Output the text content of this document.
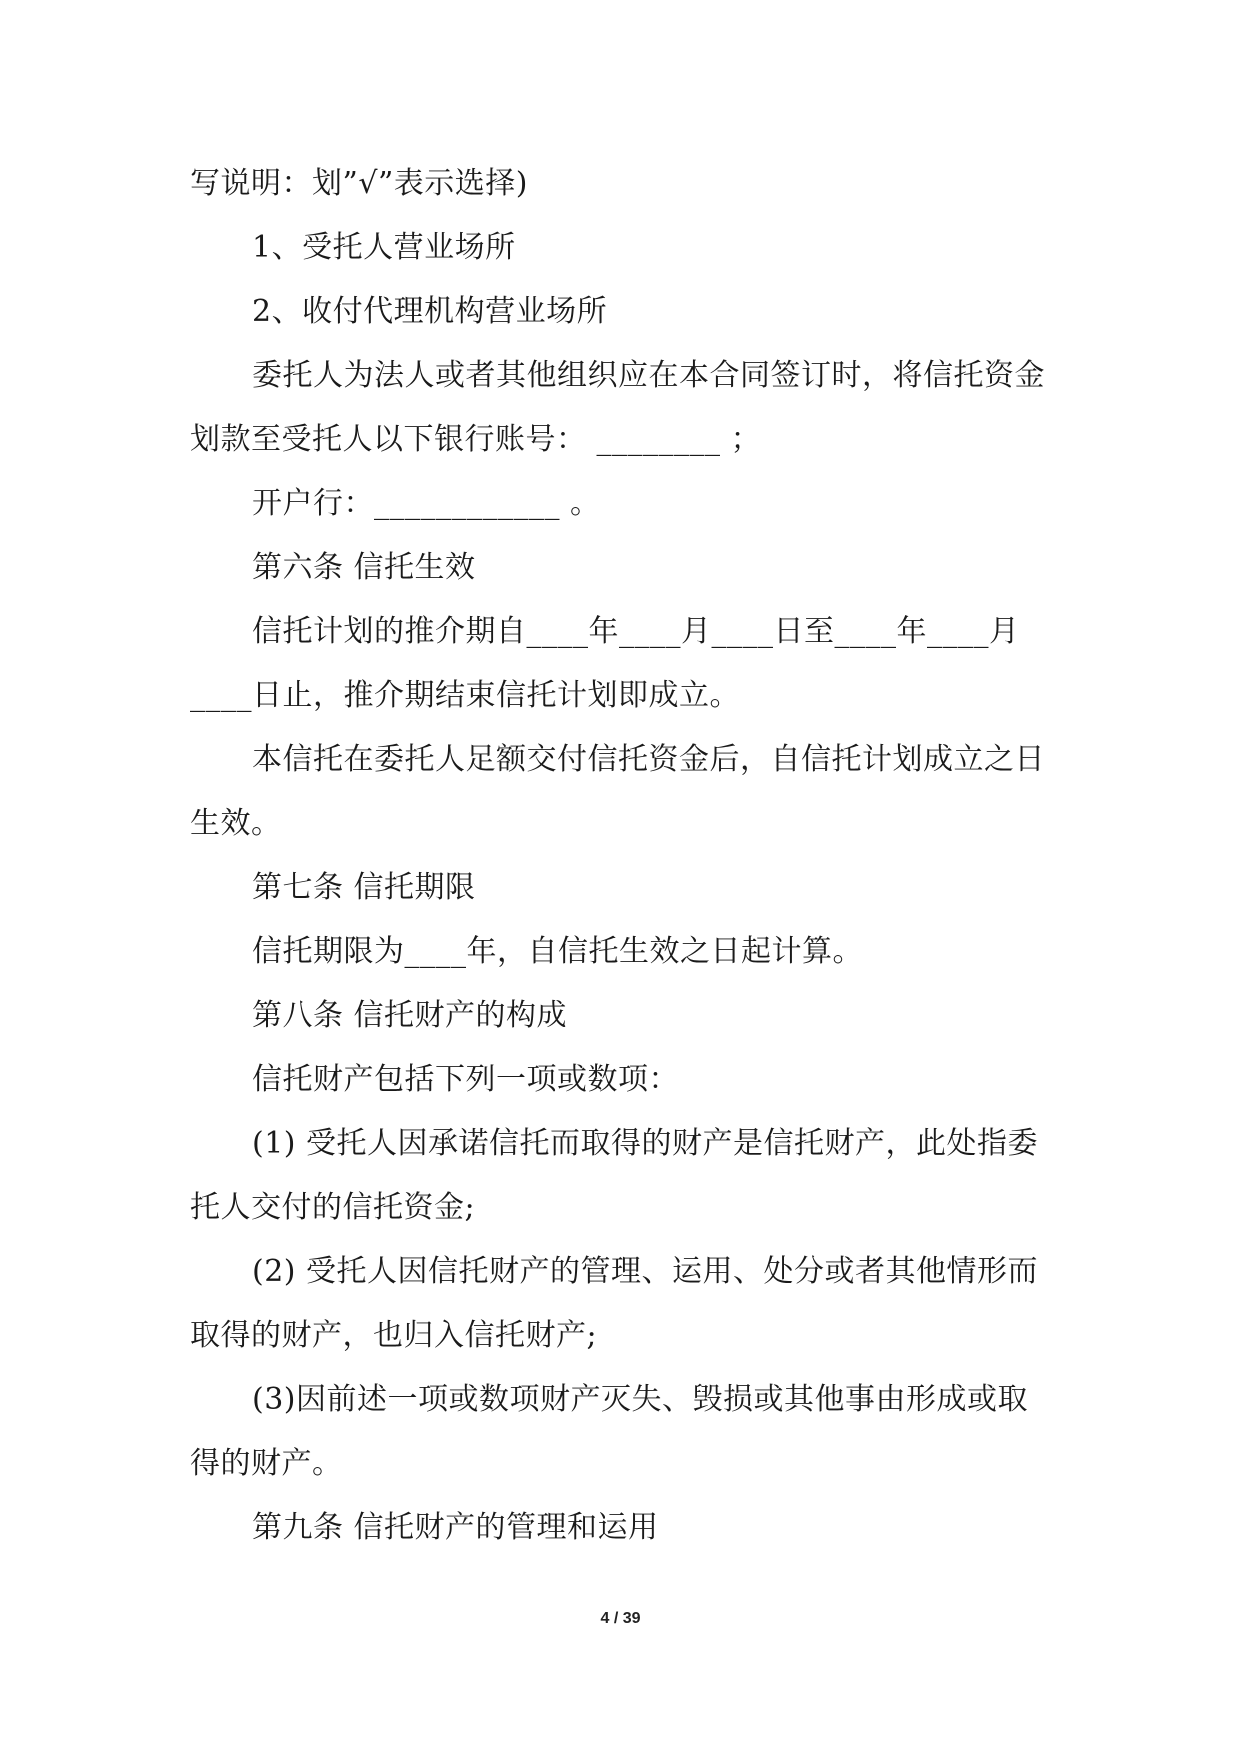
写说明：划”√”表示选择)
1、受托人营业场所
2、收付代理机构营业场所
委托人为法人或者其他组织应在本合同签订时，将信托资金
划款至受托人以下银行账号： ________ ；
开户行：____________ 。
第六条 信托生效
信托计划的推介期自____年____月____日至____年____月
____日止，推介期结束信托计划即成立。
本信托在委托人足额交付信托资金后，自信托计划成立之日
生效。
第七条 信托期限
信托期限为____年，自信托生效之日起计算。
第八条 信托财产的构成
信托财产包括下列一项或数项：
(1) 受托人因承诺信托而取得的财产是信托财产，此处指委
托人交付的信托资金;
(2) 受托人因信托财产的管理、运用、处分或者其他情形而
取得的财产，也归入信托财产;
(3)因前述一项或数项财产灭失、毁损或其他事由形成或取
得的财产。
第九条 信托财产的管理和运用
4 / 39
